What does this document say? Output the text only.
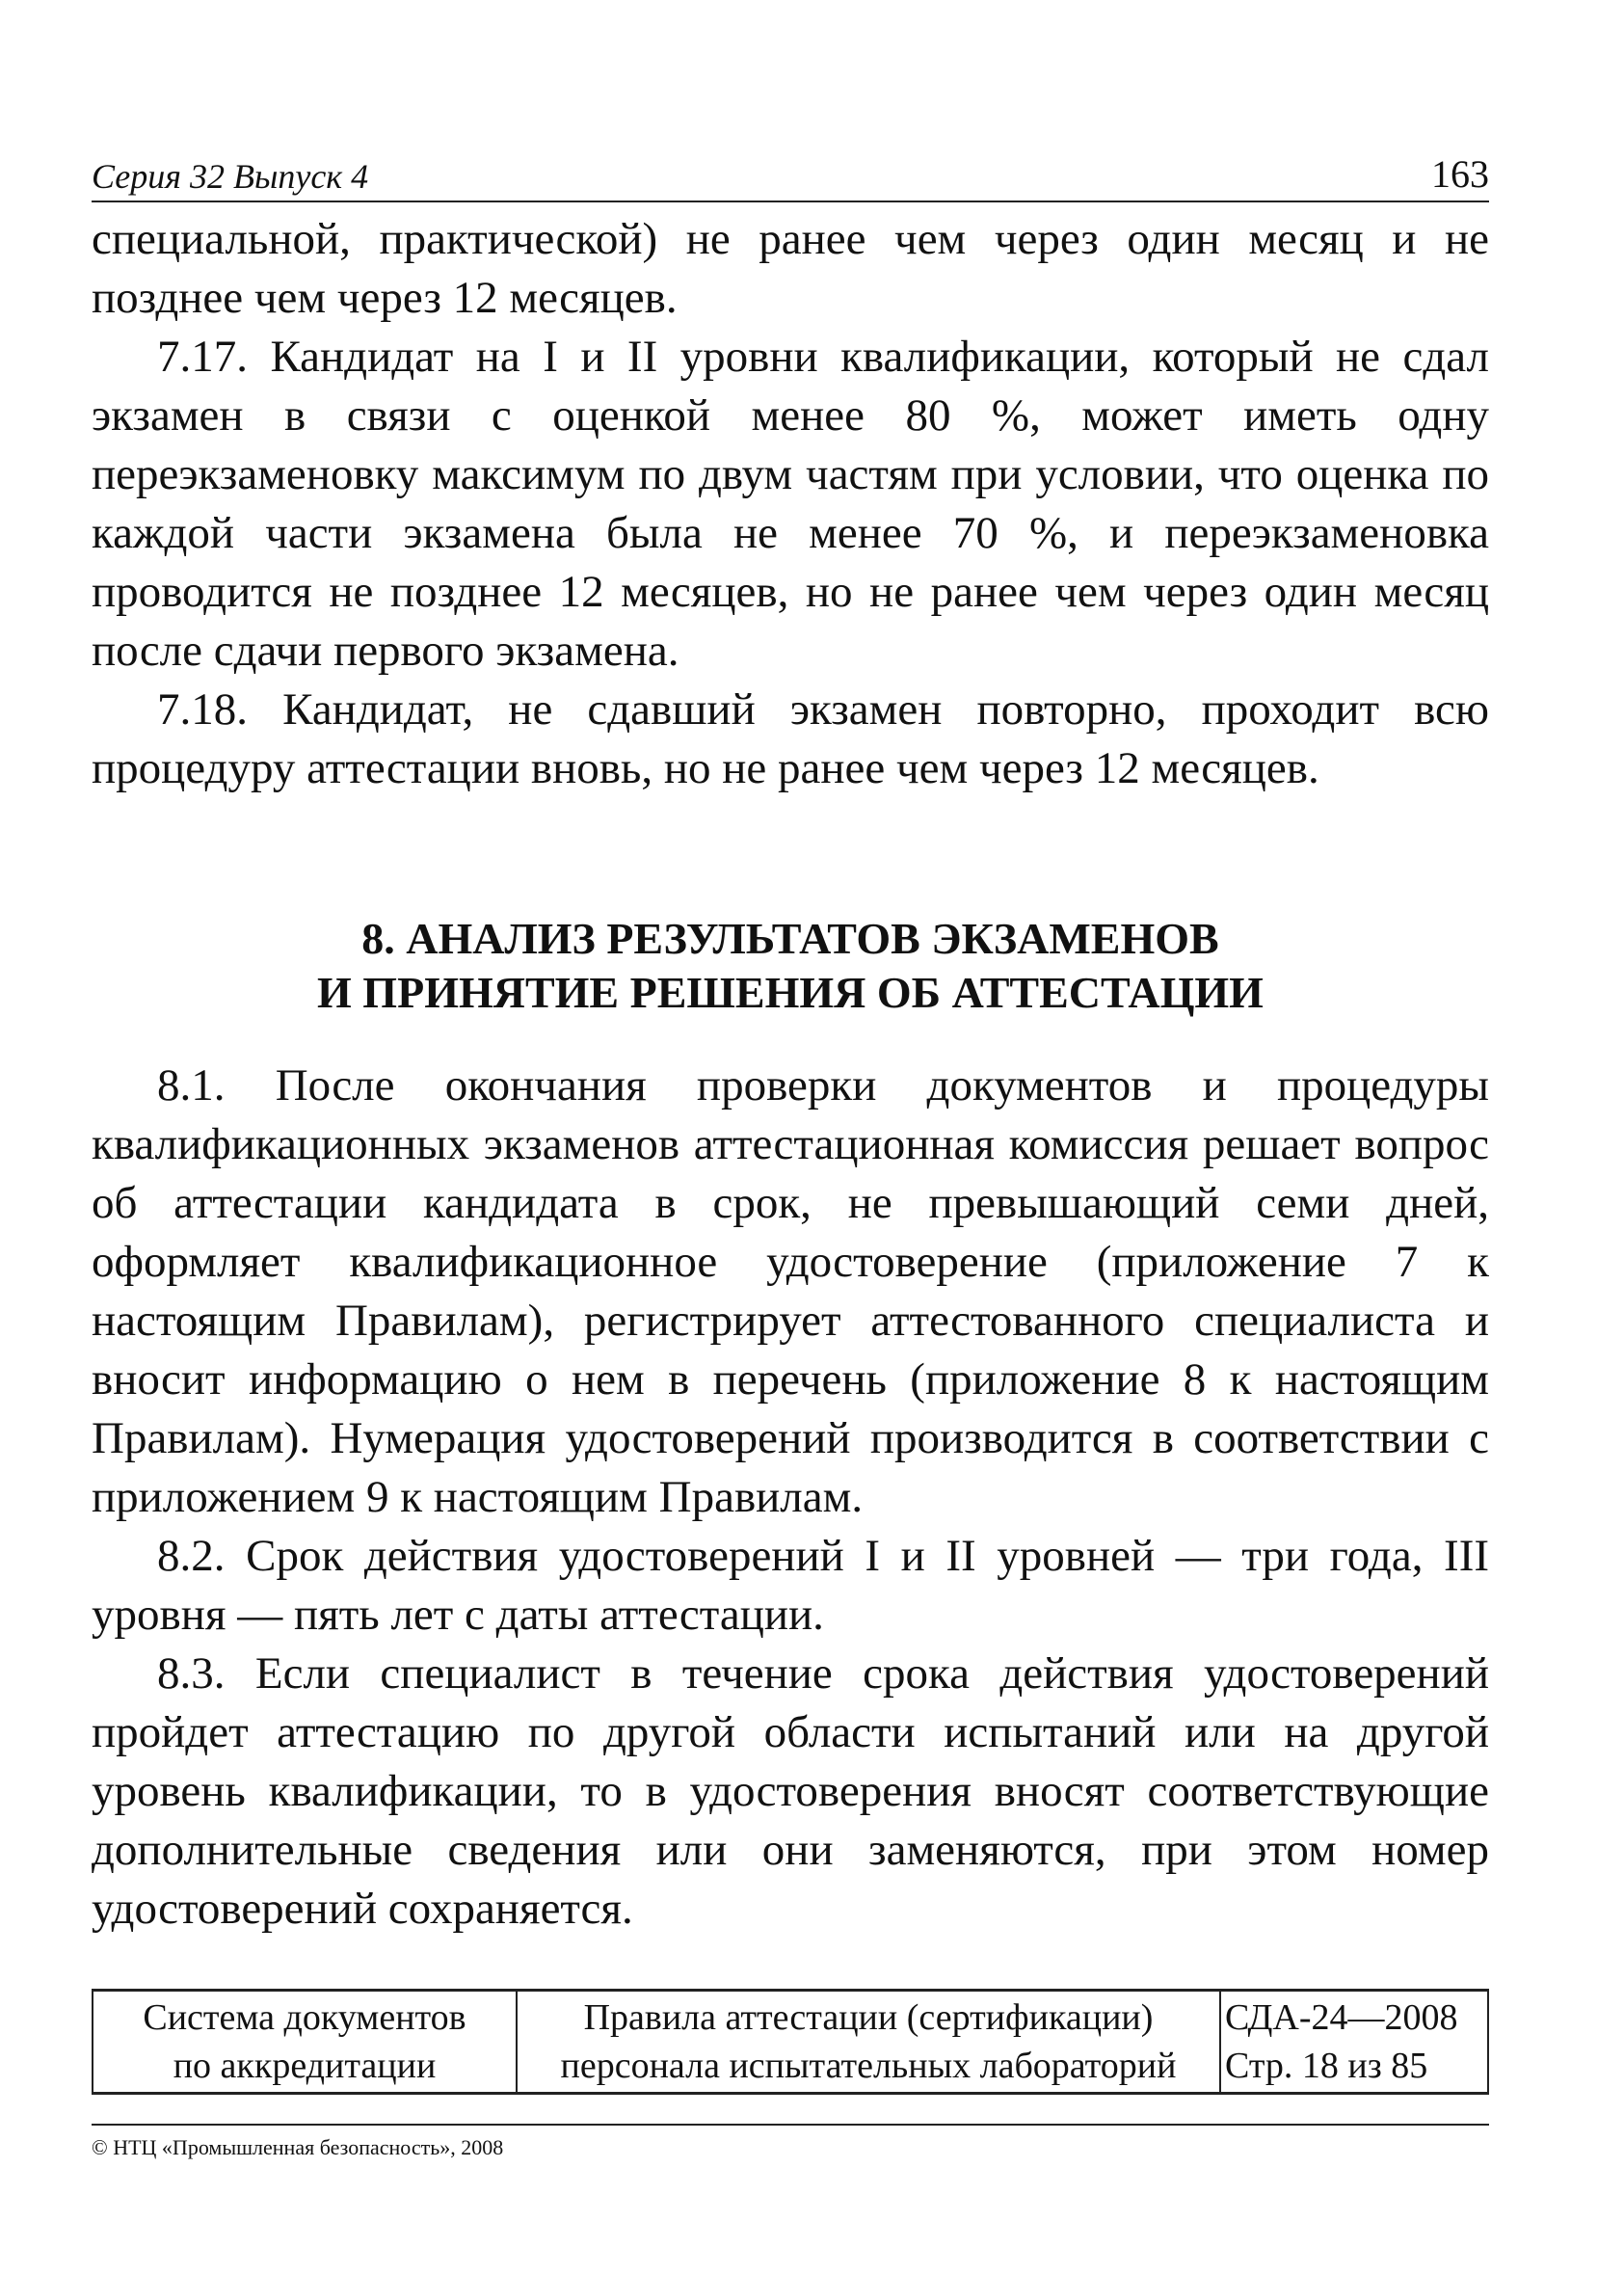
Серия 32 Выпуск 4	163

специальной, практической) не ранее чем через один месяц и не позднее чем через 12 месяцев.

7.17. Кандидат на I и II уровни квалификации, который не сдал экзамен в связи с оценкой менее 80 %, может иметь одну переэкзаменовку максимум по двум частям при условии, что оценка по каждой части экзамена была не менее 70 %, и переэкзаменовка проводится не позднее 12 месяцев, но не ранее чем через один месяц после сдачи первого экзамена.

7.18. Кандидат, не сдавший экзамен повторно, проходит всю процедуру аттестации вновь, но не ранее чем через 12 месяцев.

8. АНАЛИЗ РЕЗУЛЬТАТОВ ЭКЗАМЕНОВ
И ПРИНЯТИЕ РЕШЕНИЯ ОБ АТТЕСТАЦИИ

8.1. После окончания проверки документов и процедуры квалификационных экзаменов аттестационная комиссия решает вопрос об аттестации кандидата в срок, не превышающий семи дней, оформляет квалификационное удостоверение (приложение 7 к настоящим Правилам), регистрирует аттестованного специалиста и вносит информацию о нем в перечень (приложение 8 к настоящим Правилам). Нумерация удостоверений производится в соответствии с приложением 9 к настоящим Правилам.

8.2. Срок действия удостоверений I и II уровней — три года, III уровня — пять лет с даты аттестации.

8.3. Если специалист в течение срока действия удостоверений пройдет аттестацию по другой области испытаний или на другой уровень квалификации, то в удостоверения вносят соответствующие дополнительные сведения или они заменяются, при этом номер удостоверений сохраняется.

Система документов
по аккредитации

Правила аттестации (сертификации)
персонала испытательных лабораторий

СДА-24—2008
Стр. 18 из 85
© НТЦ «Промышленная безопасность», 2008
